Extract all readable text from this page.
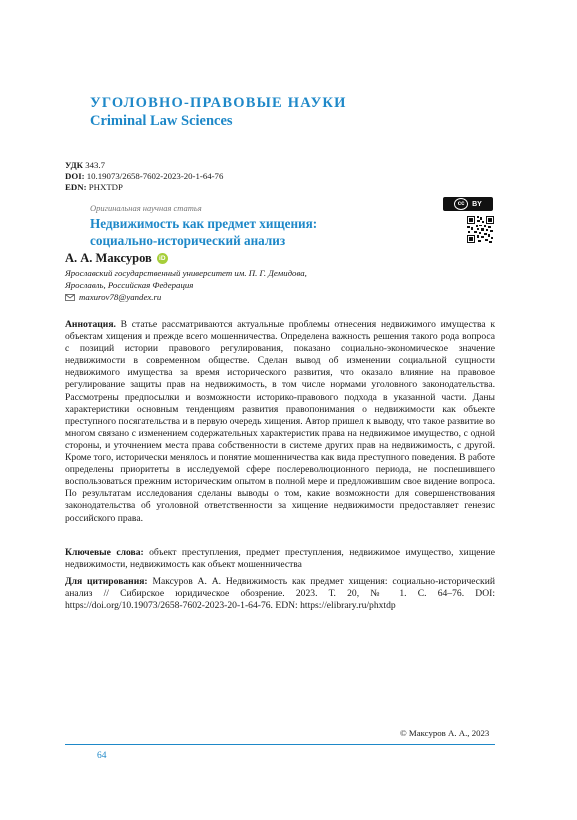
УГОЛОВНО-ПРАВОВЫЕ НАУКИ
Criminal Law Sciences
УДК 343.7
DOI: 10.19073/2658-7602-2023-20-1-64-76
EDN: PHXTDP
Оригинальная научная статья
Недвижимость как предмет хищения:
социально-исторический анализ
cc	BY
А. А. Максуров	iD
Ярославский государственный университет им. П. Г. Демидова,
Ярославль, Российская Федерация
maxurov78@yandex.ru

Аннотация. В статье рассматриваются актуальные проблемы отнесения недвижимого имущества к объектам хищения и прежде всего мошенничества. Определена важность решения такого рода вопроса с позиций истории правового регулирования, показано социально-экономическое значение недвижимости в современном обществе. Сделан вывод об изменении социальной сущности недвижимого имущества за время исторического развития, что оказало влияние на правовое регулирование защиты прав на недвижимость, в том числе нормами уголовного законодательства. Рассмотрены предпосылки и возможности историко-правового подхода в указанной части. Даны характеристики основным тенденциям развития правопонимания о недвижимости как объекте преступного посягательства и в первую очередь хищения. Автор пришел к выводу, что такое развитие во многом связано с изменением содержательных характеристик права на недвижимое имущество, с одной стороны, и уточнением места права собственности в системе других прав на недвижимость, с другой. Кроме того, исторически менялось и понятие мошенничества как вида преступного поведения. В работе определены приоритеты в исследуемой сфере послереволюционного периода, не поспешившего воспользоваться прежним историческим опытом в полной мере и предложившим свое видение вопроса. По результатам исследования сделаны выводы о том, какие возможности для совершенствования законодательства об уголовной ответственности за хищение недвижимости предоставляет генезис российского права.

Ключевые слова: объект преступления, предмет преступления, недвижимое имущество, хищение недвижимости, недвижимость как объект мошенничества

Для цитирования: Максуров А. А. Недвижимость как предмет хищения: социально-исторический анализ // Сибирское юридическое обозрение. 2023. Т. 20, № 1. С. 64–76. DOI: https://doi.org/10.19073/2658-7602-2023-20-1-64-76. EDN: https://elibrary.ru/phxtdp

© Максуров А. А., 2023
64
